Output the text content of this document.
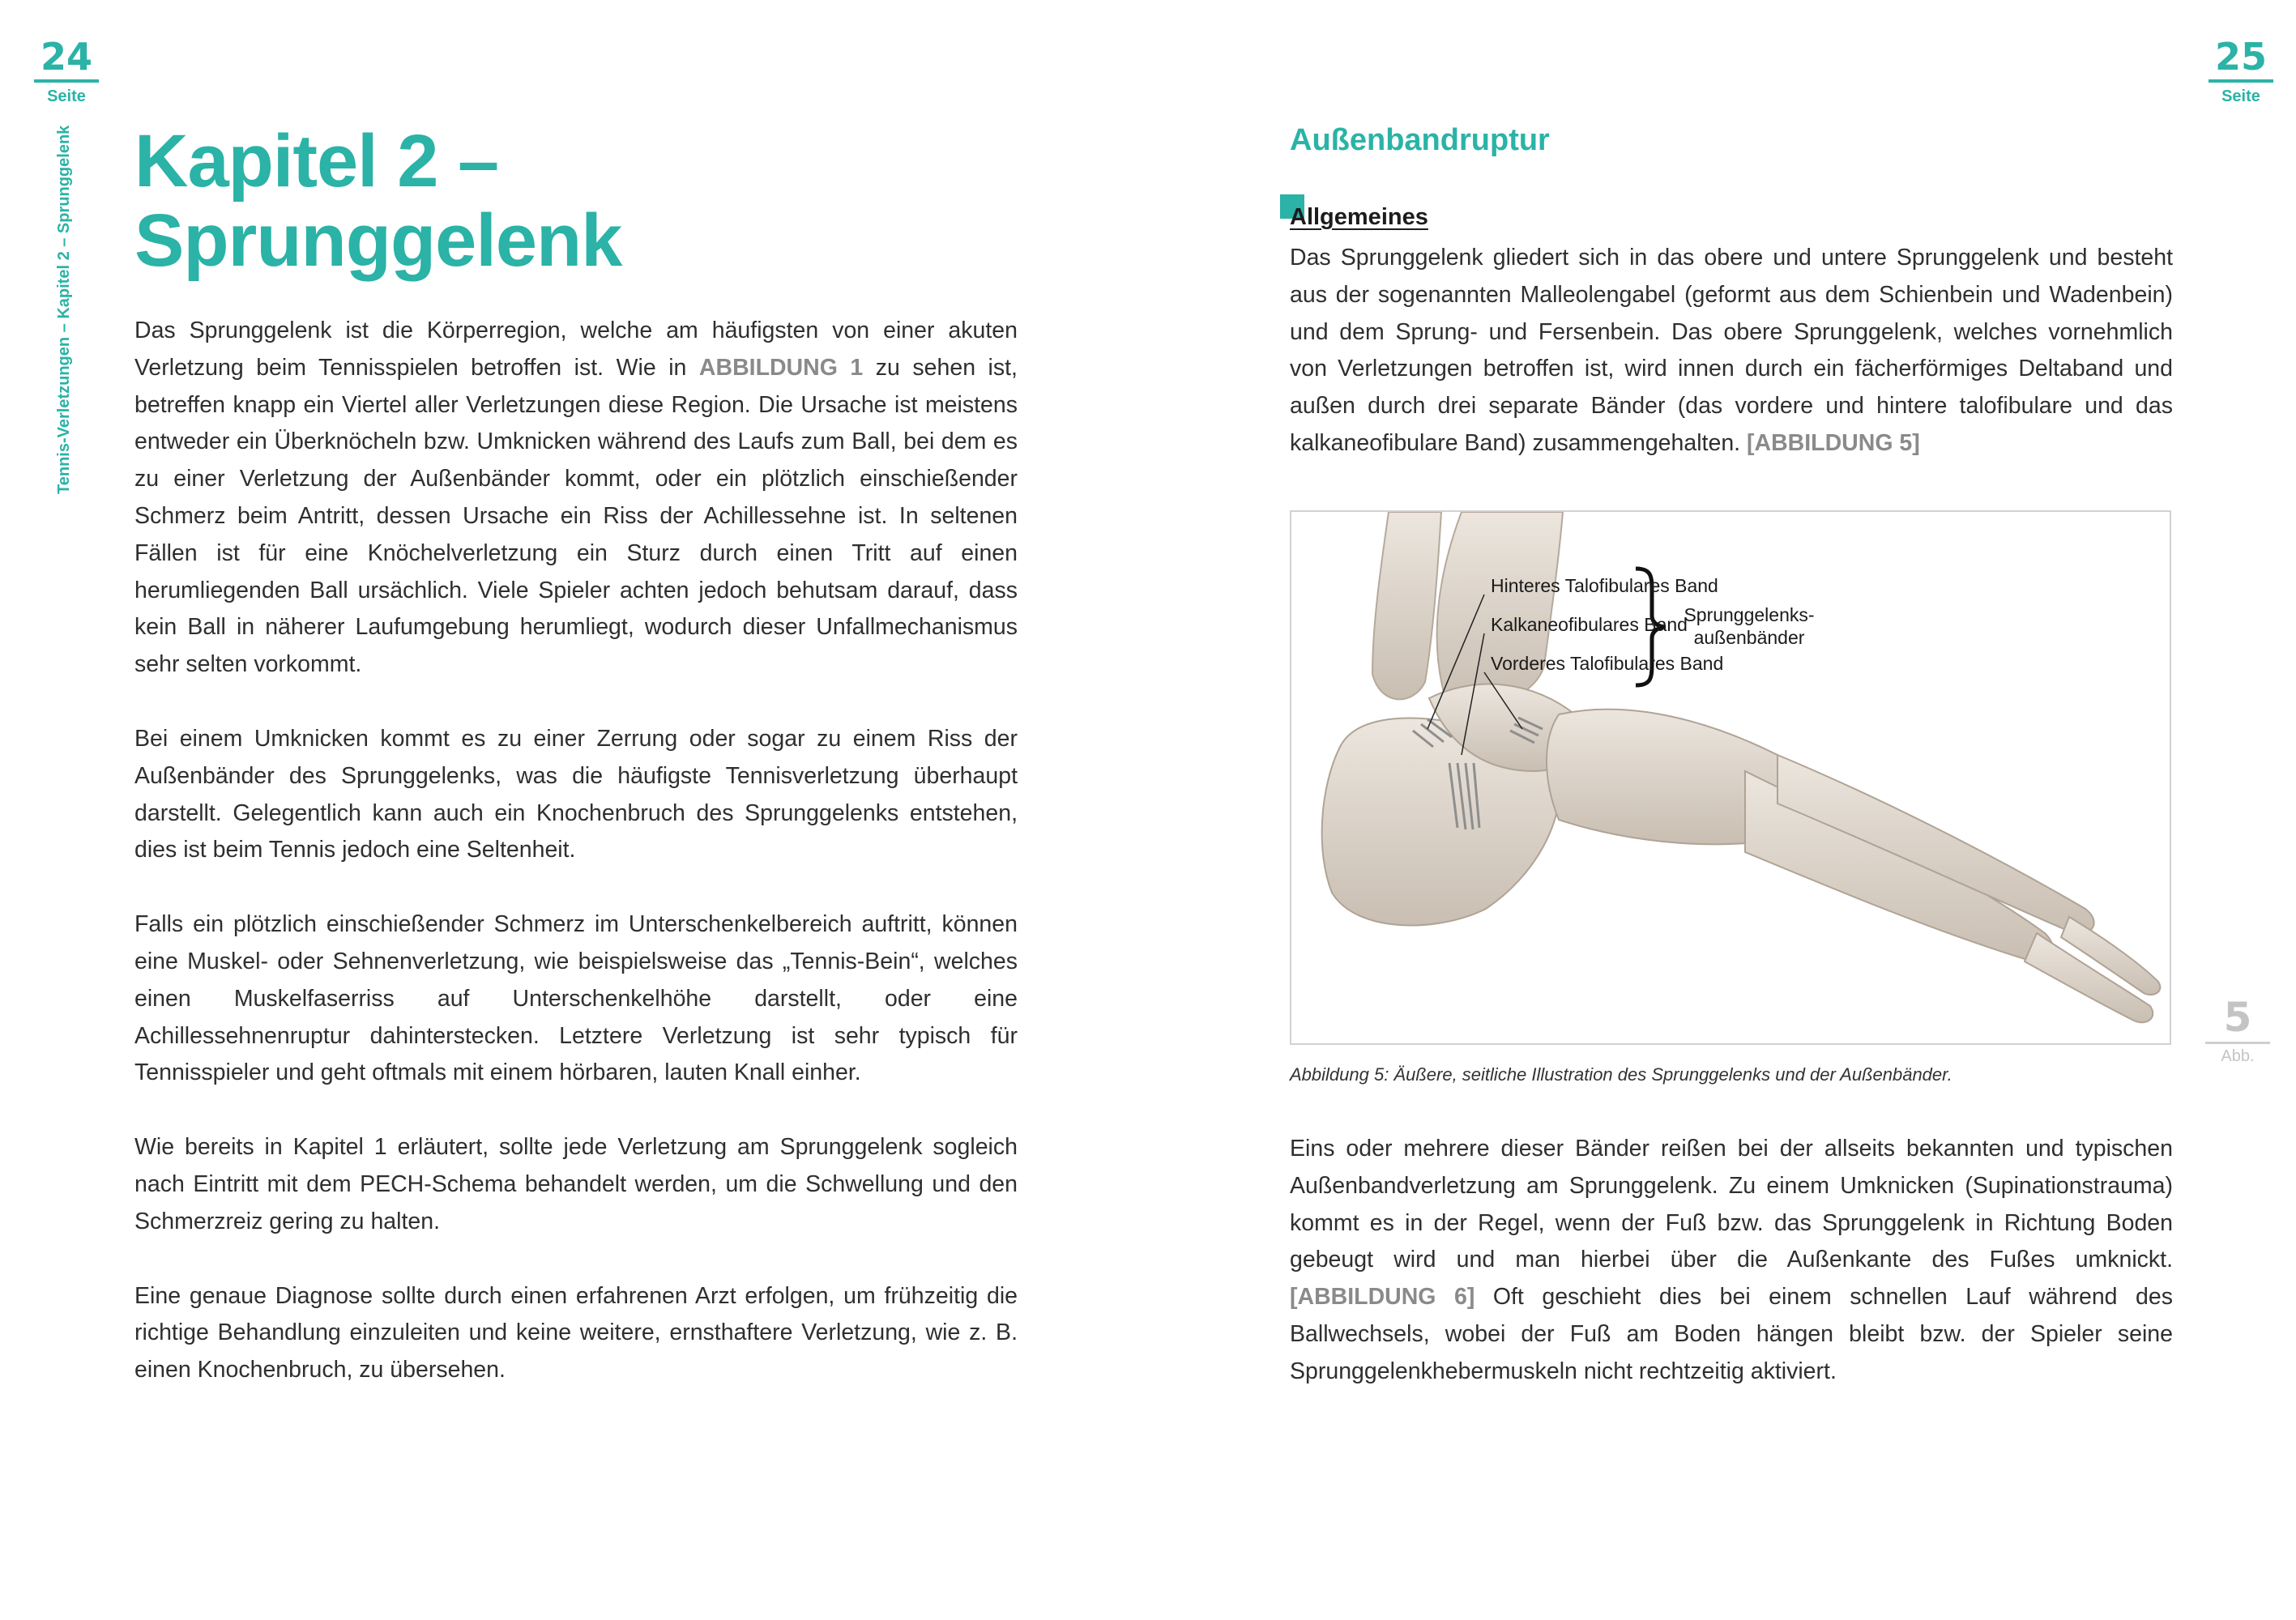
24
Seite
Tennis-Verletzungen – Kapitel 2 – Sprunggelenk Kapitel 2 –
Sprunggelenk

Das Sprunggelenk ist die Körperregion, welche am häufigsten von einer akuten Verletzung beim Tennisspielen betroffen ist. Wie in ABBILDUNG 1 zu sehen ist, betreffen knapp ein Viertel aller Verletzungen diese Region. Die Ursache ist meistens entweder ein Überknöcheln bzw. Umknicken während des Laufs zum Ball, bei dem es zu einer Verletzung der Außenbänder kommt, oder ein plötzlich einschießender Schmerz beim Antritt, dessen Ursache ein Riss der Achillessehne ist. In seltenen Fällen ist für eine Knöchelverletzung ein Sturz durch einen Tritt auf einen herumliegenden Ball ursächlich. Viele Spieler achten jedoch behutsam darauf, dass kein Ball in näherer Laufumgebung herumliegt, wodurch dieser Unfallmechanismus sehr selten vorkommt.

Bei einem Umknicken kommt es zu einer Zerrung oder sogar zu einem Riss der Außenbänder des Sprunggelenks, was die häufigste Tennisverletzung überhaupt darstellt. Gelegentlich kann auch ein Knochenbruch des Sprunggelenks entstehen, dies ist beim Tennis jedoch eine Seltenheit.

Falls ein plötzlich einschießender Schmerz im Unterschenkelbereich auftritt, können eine Muskel- oder Sehnenverletzung, wie beispielsweise das „Tennis-Bein“, welches einen Muskelfaserriss auf Unterschenkelhöhe darstellt, oder eine Achillessehnenruptur dahinterstecken. Letztere Verletzung ist sehr typisch für Tennisspieler und geht oftmals mit einem hörbaren, lauten Knall einher.

Wie bereits in Kapitel 1 erläutert, sollte jede Verletzung am Sprunggelenk sogleich nach Eintritt mit dem PECH-Schema behandelt werden, um die Schwellung und den Schmerzreiz gering zu halten.

Eine genaue Diagnose sollte durch einen erfahrenen Arzt erfolgen, um frühzeitig die richtige Behandlung einzuleiten und keine weitere, ernsthaftere Verletzung, wie z. B. einen Knochenbruch, zu übersehen.

25
Seite
Außenbandruptur
Allgemeines

Das Sprunggelenk gliedert sich in das obere und untere Sprunggelenk und besteht aus der sogenannten Malleolengabel (geformt aus dem Schienbein und Wadenbein) und dem Sprung- und Fersenbein. Das obere Sprunggelenk, welches vornehmlich von Verletzungen betroffen ist, wird innen durch ein fächerförmiges Deltaband und außen durch drei separate Bänder (das vordere und hintere talofibulare und das kalkaneofibulare Band) zusammengehalten. [ABBILDUNG 5]

Hinteres Talofibulares Band
Kalkaneofibulares Band
Vorderes Talofibulares Band
Sprunggelenks-
außenbänder
Abbildung 5: Äußere, seitliche Illustration des Sprunggelenks und der Außenbänder.
5
Abb.

Eins oder mehrere dieser Bänder reißen bei der allseits bekannten und typischen Außenbandverletzung am Sprunggelenk. Zu einem Umknicken (Supinationstrauma) kommt es in der Regel, wenn der Fuß bzw. das Sprunggelenk in Richtung Boden gebeugt wird und man hierbei über die Außenkante des Fußes umknickt. [ABBILDUNG 6] Oft geschieht dies bei einem schnellen Lauf während des Ballwechsels, wobei der Fuß am Boden hängen bleibt bzw. der Spieler seine Sprunggelenkhebermuskeln nicht rechtzeitig aktiviert.
